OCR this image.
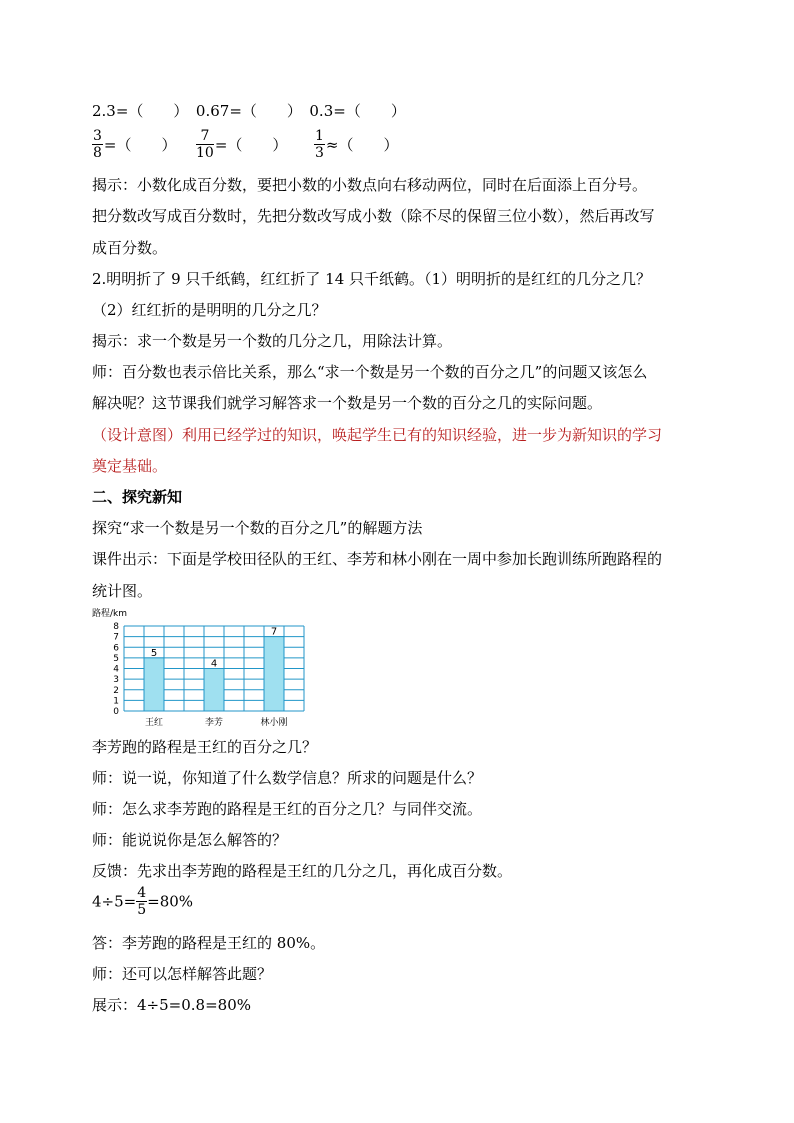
2.3=（　　）　0.67=（　　）　0.3=（　　）
$\frac{3}{8}$ =（　　） $\frac{7}{10}$ =（　　） $\frac{1}{3}$ ≈（　　）
揭示：小数化成百分数，要把小数的小数点向右移动两位，同时在后面添上百分号。
把分数改写成百分数时，先把分数改写成小数（除不尽的保留三位小数），然后再改写
成百分数。
2.明明折了 9 只千纸鹤，红红折了 14 只千纸鹤。（1）明明折的是红红的几分之几？
（2）红红折的是明明的几分之几？
揭示：求一个数是另一个数的几分之几，用除法计算。
师：百分数也表示倍比关系，那么“求一个数是另一个数的百分之几”的问题又该怎么
解决呢？这节课我们就学习解答求一个数是另一个数的百分之几的实际问题。
（设计意图）利用已经学过的知识，唤起学生已有的知识经验，进一步为新知识的学习
奠定基础。
二、探究新知
探究“求一个数是另一个数的百分之几”的解题方法
课件出示：下面是学校田径队的王红、李芳和林小刚在一周中参加长跑训练所跑路程的
统计图。
路程/km
0
1
2
3
4
5
6
7
8
5
王红
4
李芳
7
林小刚
李芳跑的路程是王红的百分之几？
师：说一说，你知道了什么数学信息？所求的问题是什么？
师：怎么求李芳跑的路程是王红的百分之几？与同伴交流。
师：能说说你是怎么解答的？
反馈：先求出李芳跑的路程是王红的几分之几，再化成百分数。
$4\div 5= \frac{4}{5} =80\%$
答：李芳跑的路程是王红的 80%。
师：还可以怎样解答此题？
展示：4÷5=0.8=80%
